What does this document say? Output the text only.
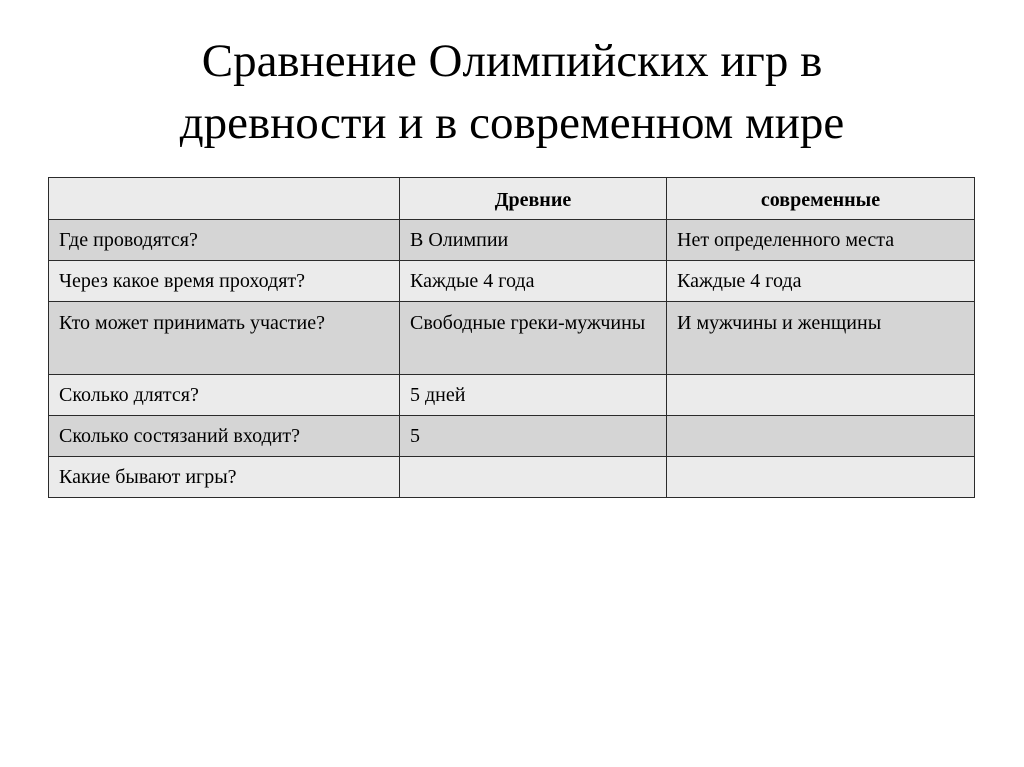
Сравнение Олимпийских игр в
древности и в современном мире
	Древние	современные
Где проводятся?	В Олимпии	Нет определенного места
Через какое время проходят?	Каждые 4 года	Каждые 4 года
Кто может принимать участие?	Свободные греки-мужчины	И мужчины и женщины
Сколько длятся?	5 дней	
Сколько состязаний входит?	5	
Какие бывают игры?		
